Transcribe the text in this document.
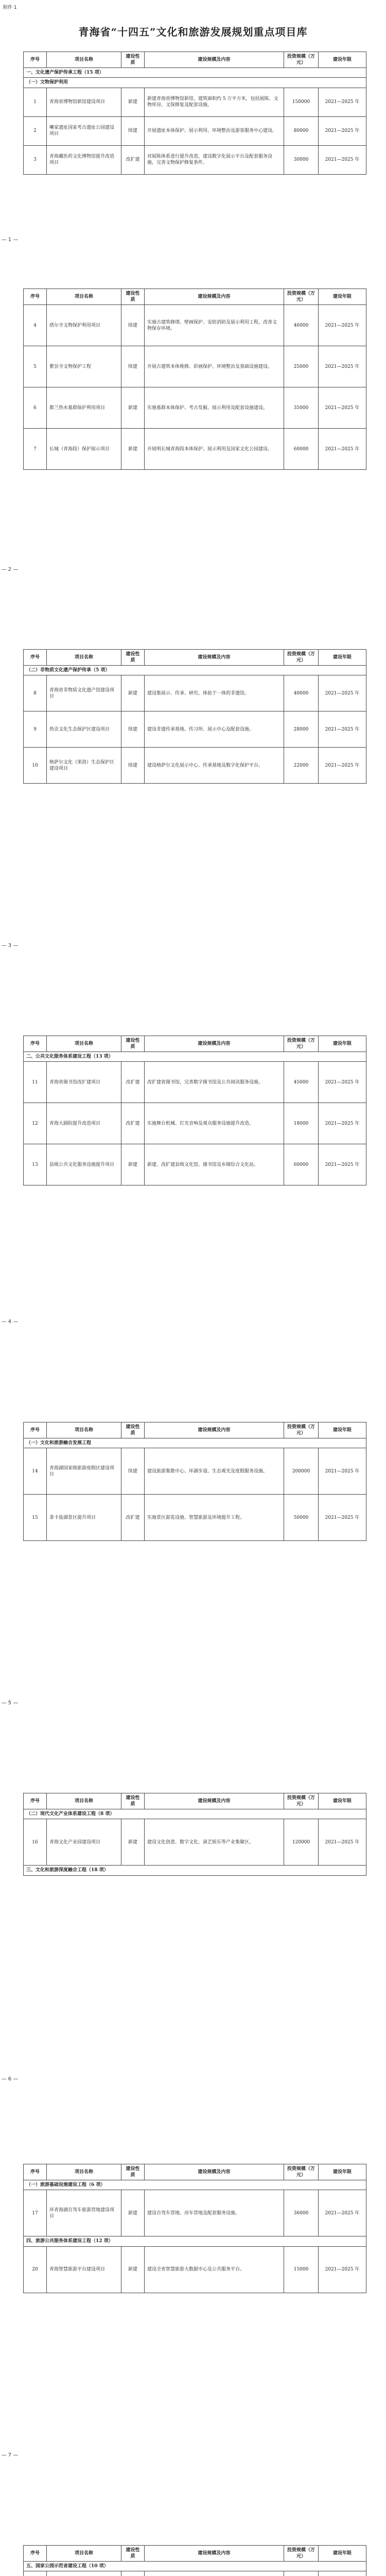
附件 1
青海省“十四五”文化和旅游发展规划重点项目库
— 1 —
序号	项目名称	建设性质	建设规模及内容	投资规模（万元）	建设年限
一、文化遗产保护传承工程（15 项）					
（一）文物保护利用					
1	青海省博物馆新馆建设项目	新建	新建青海省博物馆新馆，建筑面积约 5 万平方米，包括展陈、文物库房、文保修复及配套设施。	150000	2021—2025 年
2	喇家遗址国家考古遗址公园建设项目	续建	开展遗址本体保护、展示利用、环境整治及游客服务中心建设。	80000	2021—2025 年
3	青海藏医药文化博物馆提升改造项目	改扩建	对展陈体系进行提升改造，建设数字化展示平台及配套服务设施，完善文物保护修复条件。	30000	2021—2025 年
— 2 —
序号	项目名称	建设性质	建设规模及内容	投资规模（万元）	建设年限
4	塔尔寺文物保护利用项目	续建	实施古建筑修缮、壁画保护、安防消防及展示利用工程，改善文物保存环境。	46000	2021—2025 年
5	瞿昙寺文物保护工程	续建	开展古建筑本体维修、彩画保护、环境整治及基础设施建设。	25000	2021—2025 年
6	都兰热水墓群保护利用项目	新建	实施墓群本体保护、考古发掘、展示利用及配套设施建设。	35000	2021—2025 年
7	长城（青海段）保护展示项目	新建	开展明长城青海段本体保护、展示利用及国家文化公园建设。	60000	2021—2025 年
— 3 —
序号	项目名称	建设性质	建设规模及内容	投资规模（万元）	建设年限
（二）非物质文化遗产保护传承（5 项）					
8	青海省非物质文化遗产馆建设项目	新建	建设集展示、传承、研究、体验于一体的非遗馆。	40000	2021—2025 年
9	热贡文化生态保护区建设项目	续建	建设非遗传承基地、传习所、展示中心及配套设施。	28000	2021—2025 年
10	格萨尔文化（果洛）生态保护区建设项目	续建	建设格萨尔文化展示中心、传承基地及数字化保护平台。	22000	2021—2025 年
— 4 —
序号	项目名称	建设性质	建设规模及内容	投资规模（万元）	建设年限
二、公共文化服务体系建设工程（13 项）					
11	青海省图书馆改扩建项目	改扩建	改扩建省图书馆，完善数字图书馆及公共阅读服务设施。	45000	2021—2025 年
12	青海大剧院提升改造项目	改扩建	实施舞台机械、灯光音响及观众服务设施提升改造。	18000	2021—2025 年
13	县级公共文化服务设施提升项目	新建	新建、改扩建县级文化馆、图书馆及乡镇综合文化站。	60000	2021—2025 年
— 5 —
序号	项目名称	建设性质	建设规模及内容	投资规模（万元）	建设年限
（一）文化和旅游融合发展工程					
14	青海湖国家级旅游度假区建设项目	续建	建设旅游集散中心、环湖步道、生态观光及度假服务设施。	200000	2021—2025 年
15	茶卡盐湖景区提升项目	改扩建	实施景区游览设施、智慧旅游及环境提升工程。	50000	2021—2025 年
— 6 —
序号	项目名称	建设性质	建设规模及内容	投资规模（万元）	建设年限
（二）现代文化产业体系建设工程（8 项）					
16	青海文化产业园建设项目	新建	建设文化创意、数字文化、演艺娱乐等产业集聚区。	120000	2021—2025 年
三、文化和旅游深度融合工程（18 项）					
— 7 —
序号	项目名称	建设性质	建设规模及内容	投资规模（万元）	建设年限
（一）旅游基础设施建设工程（6 项）					
17	环青海湖自驾车旅游营地建设项目	新建	建设自驾车营地、房车营地及配套服务设施。	36000	2021—2025 年
四、旅游公共服务体系建设工程（12 项）					
20	青海智慧旅游平台建设项目	新建	建设全省智慧旅游大数据中心及公共服务平台。	15000	2021—2025 年
序号	项目名称	建设性质	建设规模及内容	投资规模（万元）	建设年限
五、国家公园示范省建设工程（10 项）					
